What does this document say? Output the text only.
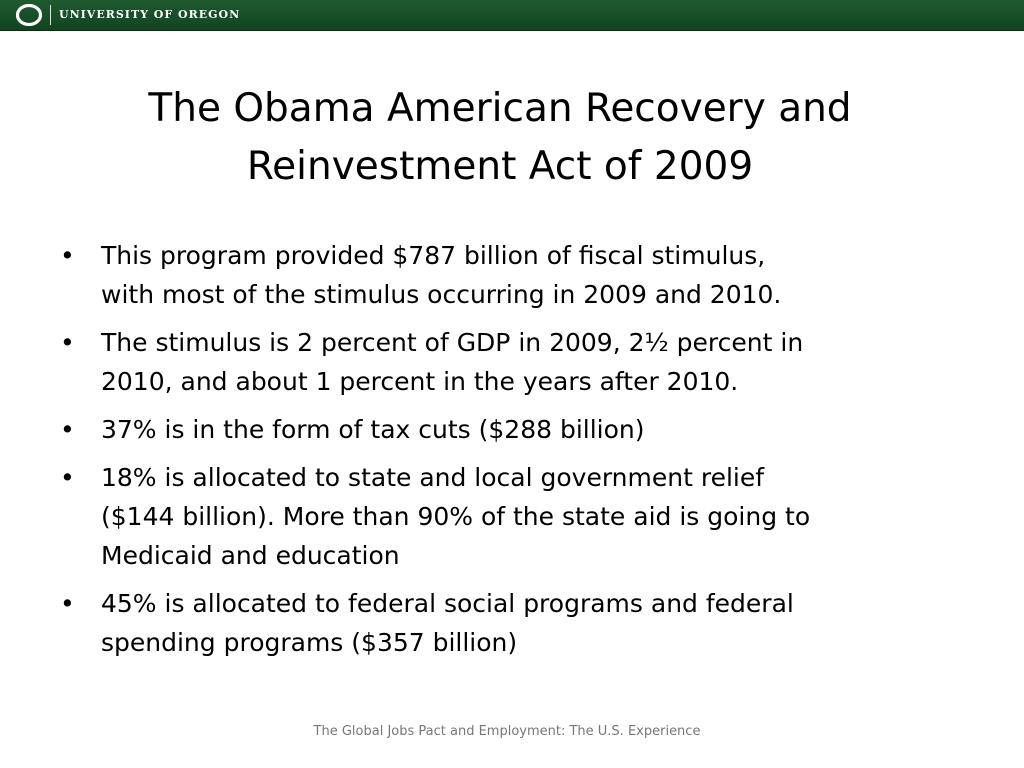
UNIVERSITY OF OREGON
The Obama American Recovery and
Reinvestment Act of 2009
• This program provided $787 billion of fiscal stimulus,
with most of the stimulus occurring in 2009 and 2010.
• The stimulus is 2 percent of GDP in 2009, 2½ percent in
2010, and about 1 percent in the years after 2010.
• 37% is in the form of tax cuts ($288 billion)
• 18% is allocated to state and local government relief
($144 billion). More than 90% of the state aid is going to
Medicaid and education
• 45% is allocated to federal social programs and federal
spending programs ($357 billion)
The Global Jobs Pact and Employment: The U.S. Experience
